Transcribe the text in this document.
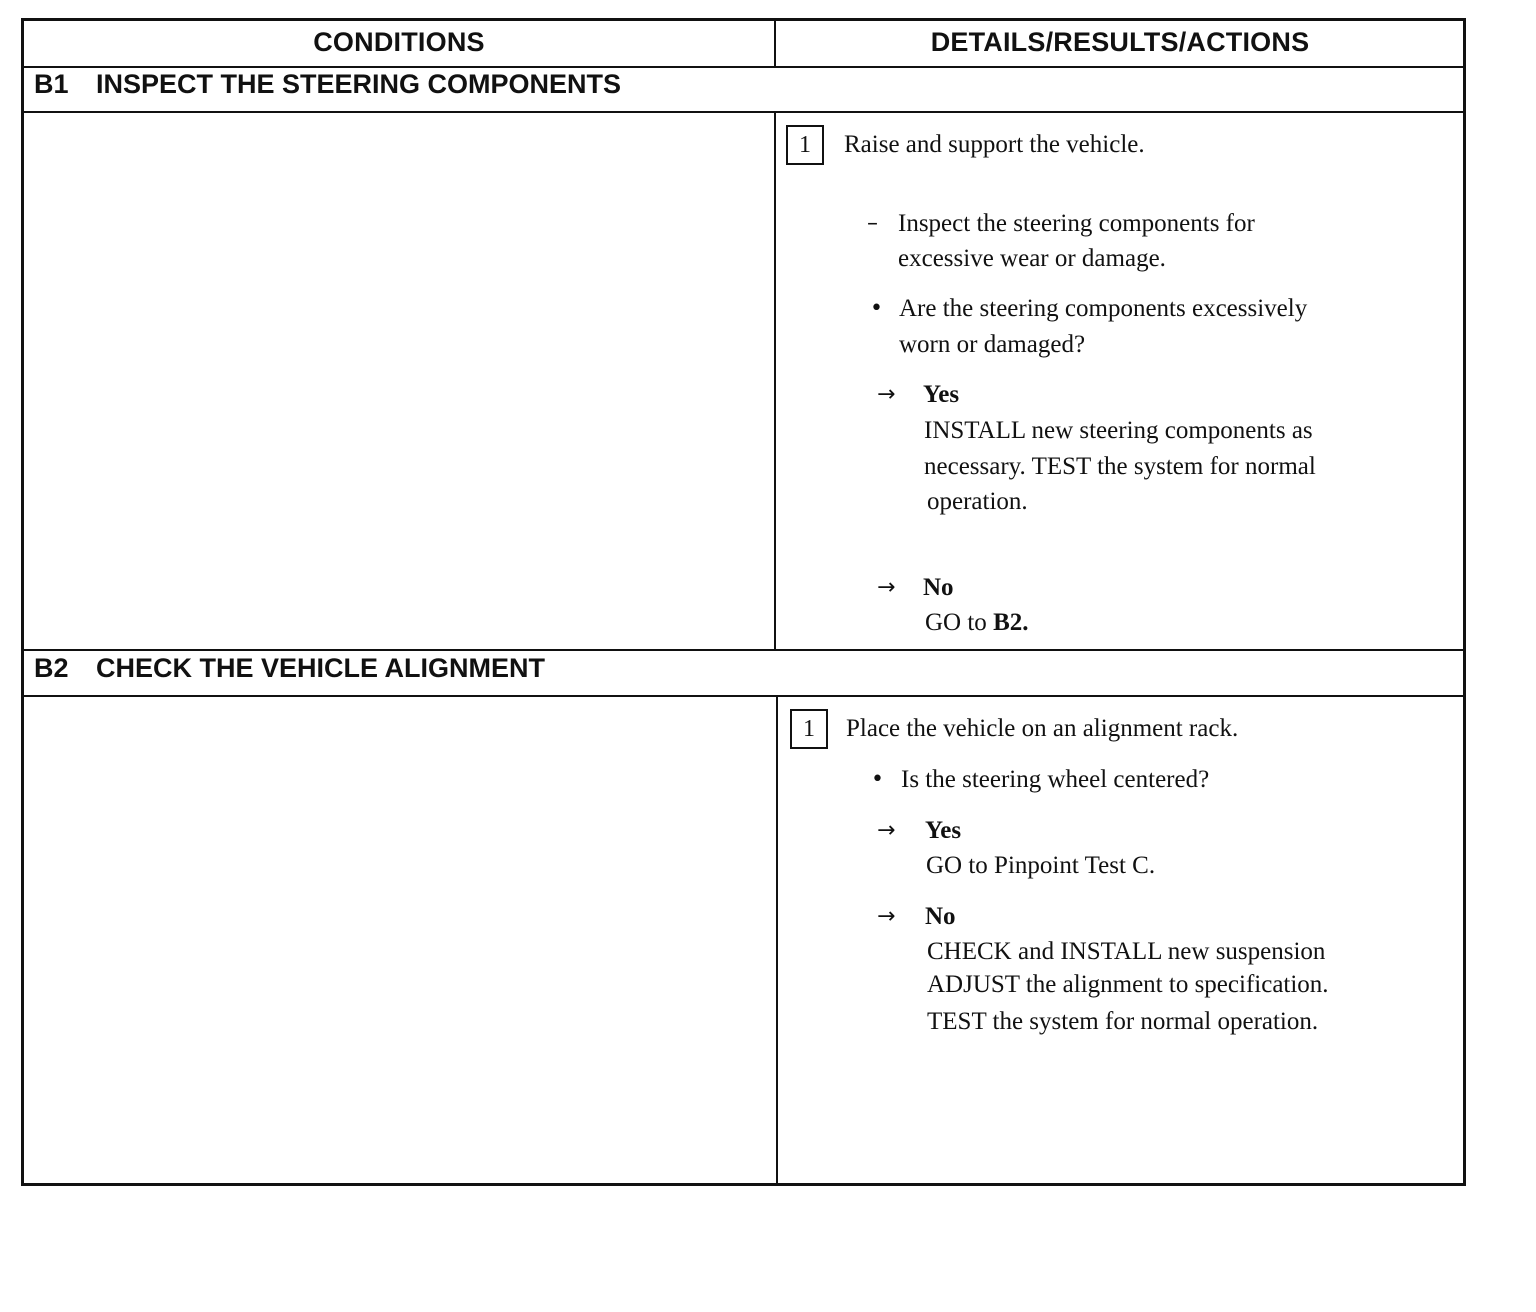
CONDITIONS	DETAILS/RESULTS/ACTIONS
B1 INSPECT THE STEERING COMPONENTS
1	Raise and support the vehicle.
– Inspect the steering components for
excessive wear or damage.
• Are the steering components excessively
worn or damaged?
→ Yes
INSTALL new steering components as
necessary. TEST the system for normal
operation.
→ No
GO to B2.
B2 CHECK THE VEHICLE ALIGNMENT
1	Place the vehicle on an alignment rack.
• Is the steering wheel centered?
→ Yes
GO to Pinpoint Test C.
→ No
CHECK and INSTALL new suspension
ADJUST the alignment to specification.
TEST the system for normal operation.
